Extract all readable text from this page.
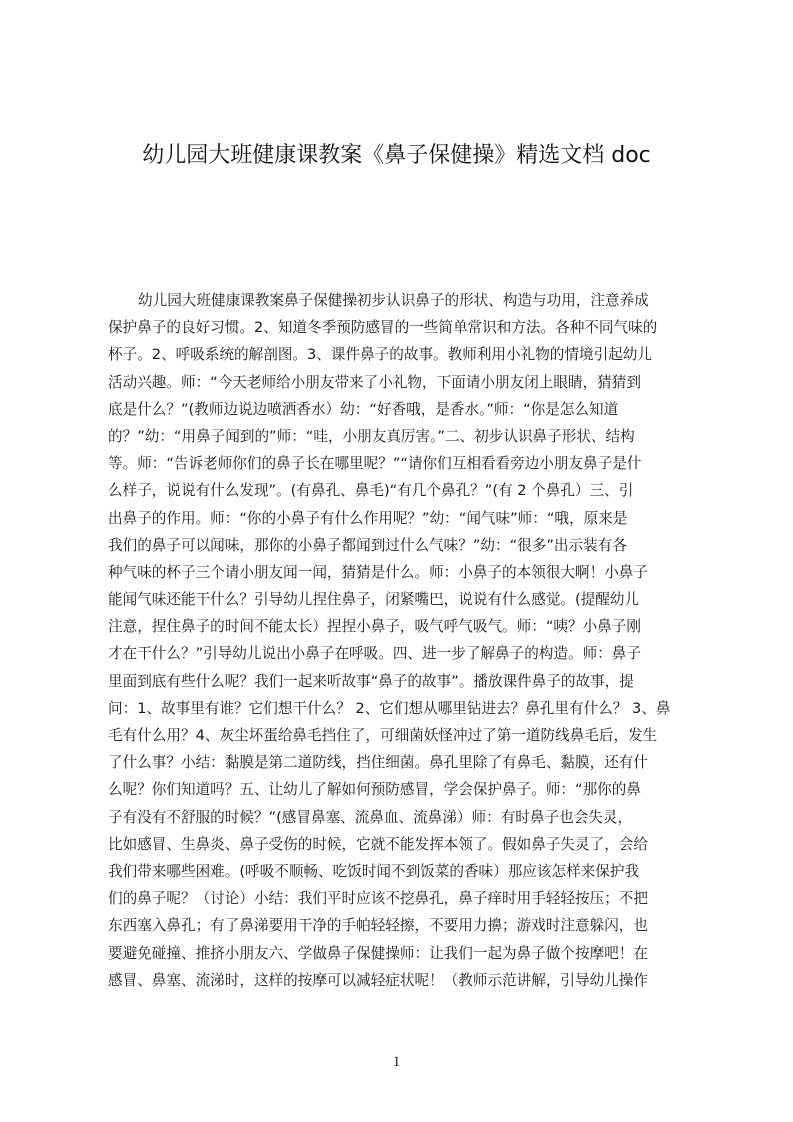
幼儿园大班健康课教案《鼻子保健操》精选文档 doc
幼儿园大班健康课教案鼻子保健操初步认识鼻子的形状、构造与功用，注意养成
保护鼻子的良好习惯。2、知道冬季预防感冒的一些简单常识和方法。各种不同气味的
杯子。2、呼吸系统的解剖图。3、课件鼻子的故事。教师利用小礼物的情境引起幼儿
活动兴趣。师：“今天老师给小朋友带来了小礼物，下面请小朋友闭上眼睛，猜猜到
底是什么？”(教师边说边喷洒香水）幼：“好香哦，是香水。”师：“你是怎么知道
的？”幼：“用鼻子闻到的”师：“哇，小朋友真厉害。”二、初步认识鼻子形状、结构
等。师：“告诉老师你们的鼻子长在哪里呢？”“请你们互相看看旁边小朋友鼻子是什
么样子，说说有什么发现”。(有鼻孔、鼻毛)“有几个鼻孔？”(有 2 个鼻孔）三、引
出鼻子的作用。师：“你的小鼻子有什么作用呢？”幼：“闻气味”师：“哦，原来是
我们的鼻子可以闻味，那你的小鼻子都闻到过什么气味？”幼：“很多”出示装有各
种气味的杯子三个请小朋友闻一闻，猜猜是什么。师：小鼻子的本领很大啊！小鼻子
能闻气味还能干什么？引导幼儿捏住鼻子，闭紧嘴巴，说说有什么感觉。(提醒幼儿
注意，捏住鼻子的时间不能太长）捏捏小鼻子，吸气呼气吸气。师：“咦？小鼻子刚
才在干什么？”引导幼儿说出小鼻子在呼吸。四、进一步了解鼻子的构造。师：鼻子
里面到底有些什么呢？我们一起来听故事“鼻子的故事”。播放课件鼻子的故事，提
问：1、故事里有谁？它们想干什么？ 2、它们想从哪里钻进去？鼻孔里有什么？ 3、鼻
毛有什么用？4、灰尘坏蛋给鼻毛挡住了，可细菌妖怪冲过了第一道防线鼻毛后，发生
了什么事？小结：黏膜是第二道防线，挡住细菌。鼻孔里除了有鼻毛、黏膜，还有什
么呢？你们知道吗？五、让幼儿了解如何预防感冒，学会保护鼻子。师：“那你的鼻
子有没有不舒服的时候？”(感冒鼻塞、流鼻血、流鼻涕）师：有时鼻子也会失灵，
比如感冒、生鼻炎、鼻子受伤的时候，它就不能发挥本领了。假如鼻子失灵了，会给
我们带来哪些困难。(呼吸不顺畅、吃饭时闻不到饭菜的香味）那应该怎样来保护我
们的鼻子呢？（讨论）小结：我们平时应该不挖鼻孔，鼻子痒时用手轻轻按压；不把
东西塞入鼻孔；有了鼻涕要用干净的手帕轻轻擦，不要用力擤；游戏时注意躲闪，也
要避免碰撞、推挤小朋友六、学做鼻子保健操师：让我们一起为鼻子做个按摩吧！在
感冒、鼻塞、流涕时，这样的按摩可以减轻症状呢！（教师示范讲解，引导幼儿操作
1
